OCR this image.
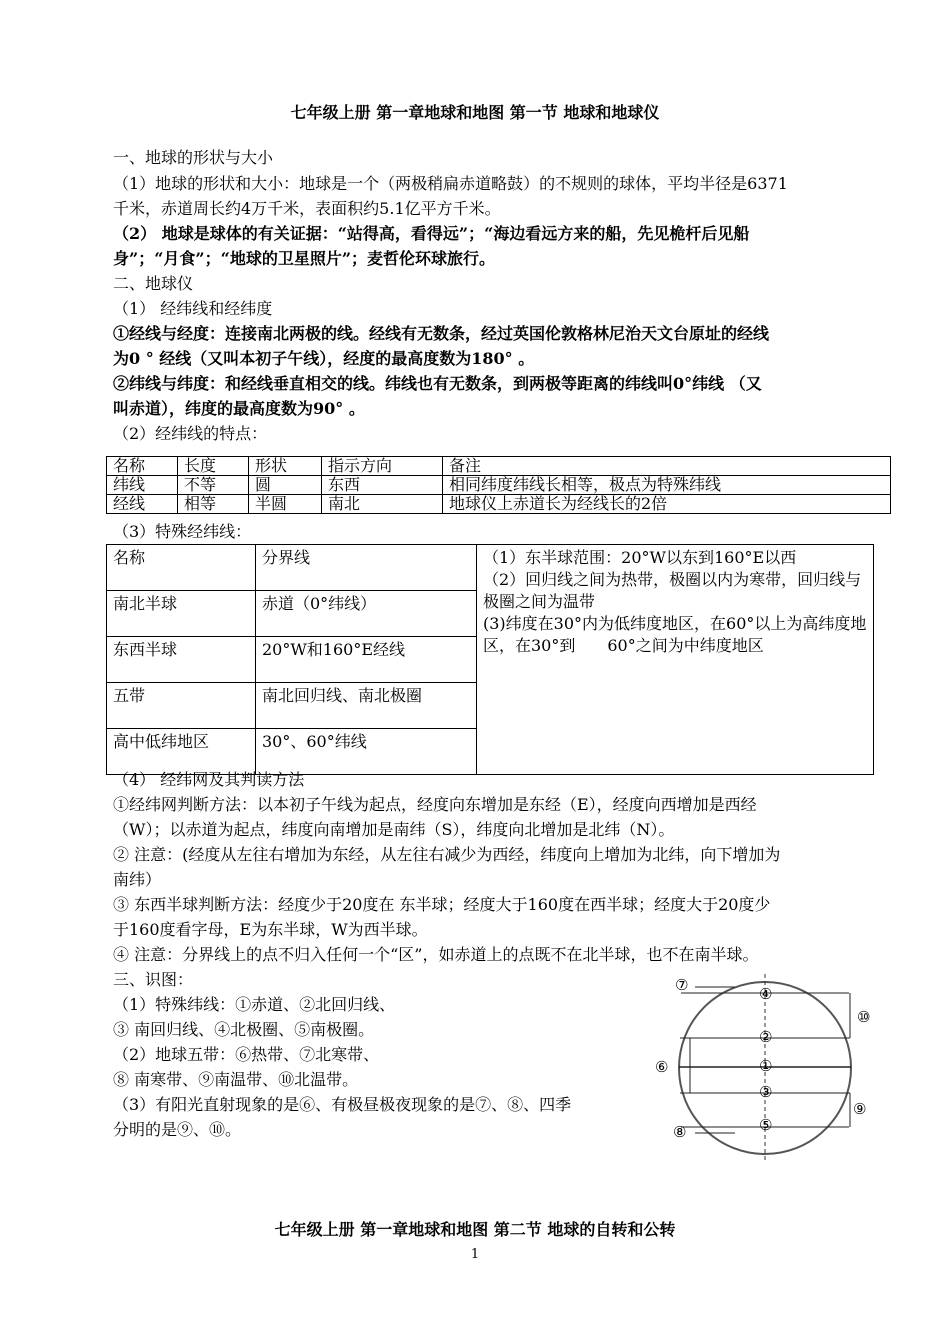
七年级上册 第一章地球和地图 第一节 地球和地球仪
一、地球的形状与大小
（1）地球的形状和大小：地球是一个（两极稍扁赤道略鼓）的不规则的球体，平均半径是6371
千米，赤道周长约4万千米，表面积约5.1亿平方千米。
（2） 地球是球体的有关证据：“站得高，看得远”；“海边看远方来的船，先见桅杆后见船
身”；“月食”；“地球的卫星照片”；麦哲伦环球旅行。
二、地球仪
（1） 经纬线和经纬度
①经线与经度：连接南北两极的线。经线有无数条，经过英国伦敦格林尼治天文台原址的经线
为0 ° 经线（又叫本初子午线），经度的最高度数为180° 。
②纬线与纬度：和经线垂直相交的线。纬线也有无数条，到两极等距离的纬线叫0°纬线 （又
叫赤道），纬度的最高度数为90° 。
（2）经纬线的特点：
名称	长度	形状	指示方向	备注
纬线	不等	圆	东西	相同纬度纬线长相等，极点为特殊纬线
经线	相等	半圆	南北	地球仪上赤道长为经线长的2倍
（3）特殊经纬线：
名称	分界线	（1）东半球范围：20°W以东到160°E以西
（2）回归线之间为热带，极圈以内为寒带，回归线与极圈之间为温带
(3)纬度在30°内为低纬度地区，在60°以上为高纬度地区，在30°到　　60°之间为中纬度地区

南北半球	赤道（0°纬线）	
东西半球	20°W和160°E经线	
五带	南北回归线、南北极圈	
高中低纬地区	30°、60°纬线	
（4） 经纬网及其判读方法
①经纬网判断方法：以本初子午线为起点，经度向东增加是东经（E），经度向西增加是西经
（W）；以赤道为起点，纬度向南增加是南纬（S），纬度向北增加是北纬（N）。
② 注意：(经度从左往右增加为东经，从左往右减少为西经，纬度向上增加为北纬，向下增加为
南纬）
③ 东西半球判断方法：经度少于20度在 东半球；经度大于160度在西半球；经度大于20度少
于160度看字母，E为东半球，W为西半球。
④ 注意：分界线上的点不归入任何一个“区”，如赤道上的点既不在北半球，也不在南半球。
三、识图：
（1）特殊纬线：①赤道、②北回归线、
③ 南回归线、④北极圈、⑤南极圈。
（2）地球五带：⑥热带、⑦北寒带、
⑧ 南寒带、⑨南温带、⑩北温带。
（3）有阳光直射现象的是⑥、有极昼极夜现象的是⑦、⑧、四季
分明的是⑨、⑩。
⑦	④
⑩
②
⑥	①
③
⑨
⑤
⑧
七年级上册 第一章地球和地图 第二节 地球的自转和公转
1
